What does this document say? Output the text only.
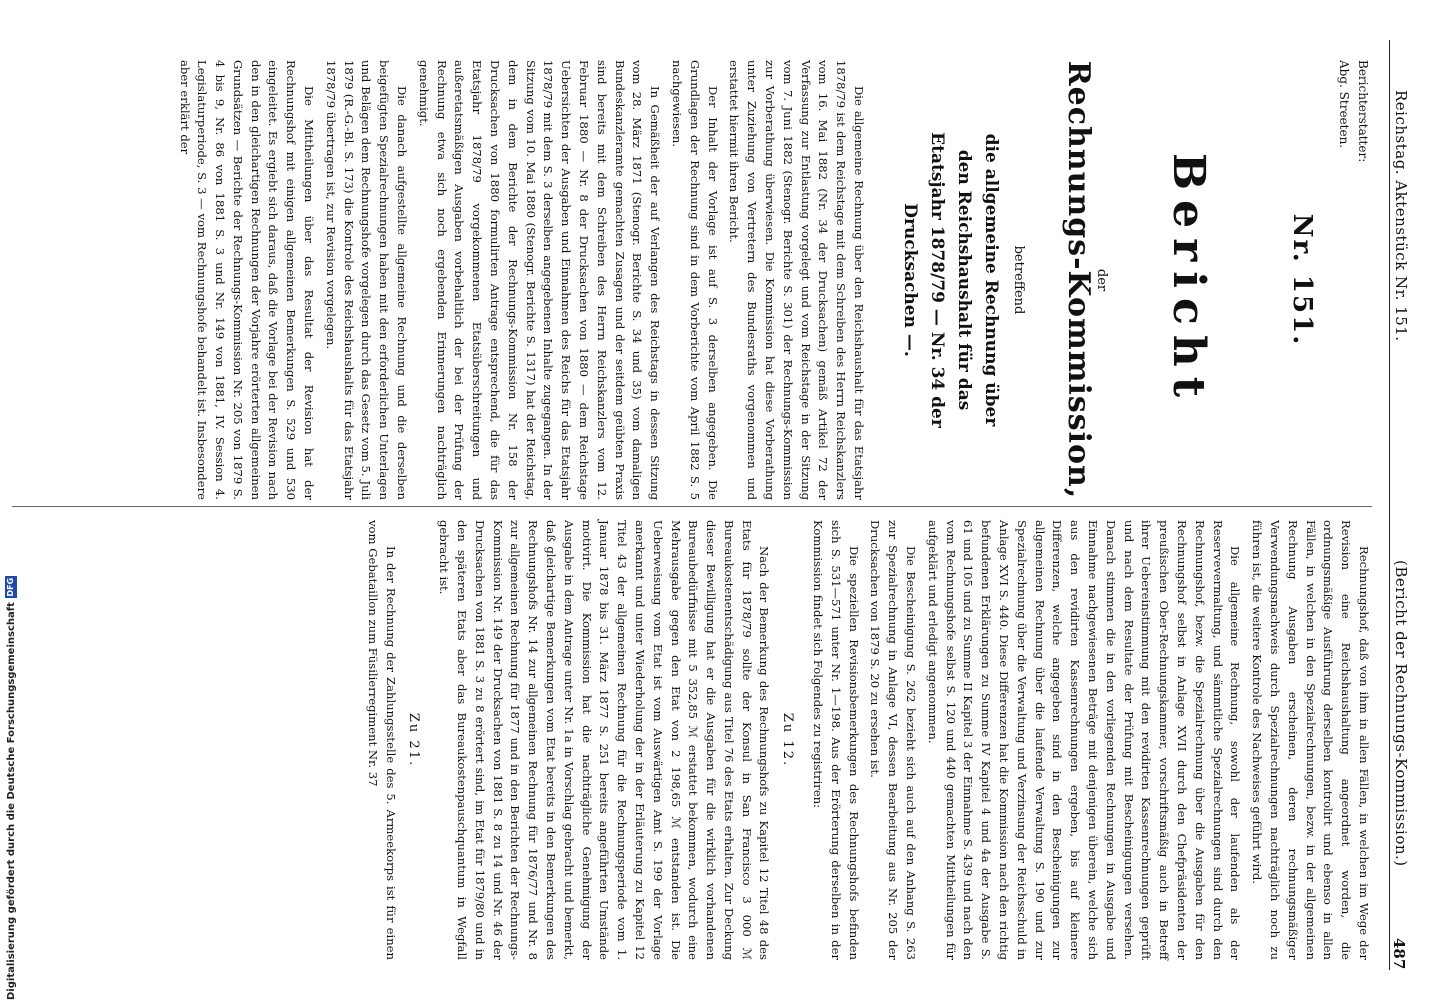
Reichstag. Aktenstück Nr. 151.
(Bericht der Rechnungs-Kommission.)
487
Berichterstatter:
Abg. Streeten.
Nr. 151.
Bericht
der
Rechnungs-Kommission,
betreffend
die allgemeine Rechnung über den Reichshaushalt für das Etatsjahr 1878/79 — Nr. 34 der Drucksachen —.

Die allgemeine Rechnung über den Reichshaushalt für das Etatsjahr 1878/79 ist dem Reichstage mit dem Schreiben des Herrn Reichskanzlers vom 16. Mai 1882 (Nr. 34 der Drucksachen) gemäß Artikel 72 der Verfassung zur Entlastung vorgelegt und vom Reichstage in der Sitzung vom 7. Juni 1882 (Stenogr. Berichte S. 301) der Rechnungs-Kommission zur Vorberathung überwiesen. Die Kommission hat diese Vorberathung unter Zuziehung von Vertretern des Bundesraths vorgenommen und erstattet hiermit ihren Bericht.

Der Inhalt der Vorlage ist auf S. 3 derselben angegeben. Die Grundlagen der Rechnung sind in dem Vorberichte vom April 1882 S. 5 nachgewiesen.

In Gemäßheit der auf Verlangen des Reichstags in dessen Sitzung vom 28. März 1871 (Stenogr. Berichte S. 34 und 35) vom damaligen Bundeskanzleramte gemachten Zusagen und der seitdem geübten Praxis sind bereits mit dem Schreiben des Herrn Reichskanzlers vom 12. Februar 1880 — Nr. 8 der Drucksachen von 1880 — dem Reichstage Uebersichten der Ausgaben und Einnahmen des Reichs für das Etatsjahr 1878/79 mit dem S. 3 derselben angegebenen Inhalte zugegangen. In der Sitzung vom 10. Mai 1880 (Stenogr. Berichte S. 1317) hat der Reichstag, dem in dem Berichte der Rechnungs-Kommission Nr. 158 der Drucksachen von 1880 formulirten Antrage entsprechend, die für das Etatsjahr 1878/79 vorgekommenen Etatsüberschreitungen und außeretatsmäßigen Ausgaben vorbehaltlich der bei der Prüfung der Rechnung etwa sich noch ergebenden Erinnerungen nachträglich genehmigt.

Die danach aufgestellte allgemeine Rechnung und die derselben beigefügten Spezialrechnungen haben mit den erforderlichen Unterlagen und Belägen dem Rechnungshofe vorgelegen durch das Gesetz vom 5. Juli 1879 (R.-G.-Bl. S. 173) die Kontrole des Reichshaushalts für das Etatsjahr 1878/79 übertragen ist, zur Revision vorgelegen.

Die Mittheilungen über das Resultat der Revision hat der Rechnungshof mit einigen allgemeinen Bemerkungen S. 529 und 530 eingeleitet. Es ergiebt sich daraus, daß die Vorlage bei der Revision nach den in den gleichartigen Rechnungen der Vorjahre erörterten allgemeinen Grundsätzen — Berichte der Rechnungs-Kommission Nr. 205 von 1879 S. 4 bis 9, Nr. 86 von 1881 S. 3 und Nr. 149 von 1881, IV. Session 4. Legislaturperiode, S. 3 — vom Rechnungshofe behandelt ist. Insbesondere aber erklärt der

Rechnungshof, daß von ihm in allen Fällen, in welchen im Wege der Revision eine Reichshaushaltung angeordnet worden, die ordnungsmäßige Ausführung derselben kontrolirt und ebenso in allen Fällen, in welchen in den Spezialrechnungen, bezw. in der allgemeinen Rechnung Ausgaben erscheinen, deren rechnungsmäßiger Verwendungsnachweis durch Spezialrechnungen nachträglich noch zu führen ist, die weitere Kontrole des Nachweises geführt wird.

Die allgemeine Rechnung, sowohl der laufenden als der Reservevermaltung, und sämmtliche Spezialrechnungen sind durch den Rechnungshof, bezw. die Spezialrechnung über die Ausgaben für den Rechnungshof selbst in Anlage XVII durch den Chefpräsidenten der preußischen Ober-Rechnungskammer, vorschriftsmäßig auch in Betreff ihrer Uebereinstimmung mit den revidirten Kassenrechnungen geprüft und nach dem Resultate der Prüfung mit Bescheinigungen versehen. Danach stimmen die in den vorliegenden Rechnungen in Ausgabe und Einnahme nachgewiesenen Beträge mit denjenigen überein, welche sich aus den revidirten Kassenrechnungen ergeben, bis auf kleinere Differenzen, welche angegeben sind in den Bescheinigungen zur allgemeinen Rechnung über die laufende Verwaltung S. 190 und zur Spezialrechnung über die Verwaltung und Verzinsung der Reichsschuld in Anlage XVI S. 440. Diese Differenzen hat die Kommission nach den richtig befundenen Erklärungen zu Summe IV Kapitel 4 und 4a der Ausgabe S. 61 und 105 und zu Summe II Kapitel 3 der Einnahme S. 439 und nach den vom Rechnungshofe selbst S. 120 und 440 gemachten Mittheilungen für aufgeklärt und erledigt angenommen.

Die Bescheinigung S. 262 bezieht sich auch auf den Anhang S. 263 zur Spezialrechnung in Anlage VI, dessen Bearbeitung aus Nr. 205 der Drucksachen von 1879 S. 20 zu ersehen ist.

Die speziellen Revisionsbemerkungen des Rechnungshofs befinden sich S. 531—571 unter Nr. 1—198. Aus der Erörterung derselben in der Kommission findet sich Folgendes zu registriren:

Zu 12.

Nach der Bemerkung des Rechnungshofs zu Kapitel 12 Titel 48 des Etats für 1878/79 sollte der Konsul in San Francisco 3 000 ℳ Bureaukostenentschädigung aus Titel 76 des Etats erhalten. Zur Deckung dieser Bewilligung hat er die Ausgaben für die wirklich vorhandenen Bureaubedürfnisse mit 5 352,85 ℳ erstattet bekommen, wodurch eine Mehrausgabe gegen den Etat von 2 198,65 ℳ entstanden ist. Die Ueberweisung vom Etat ist vom Auswärtigen Amt S. 199 der Vorlage anerkannt und unter Wiederholung der in der Erläuterung zu Kapitel 12 Titel 43 der allgemeinen Rechnung für die Rechnungsperiode vom 1. Januar 1878 bis 31. März 1877 S. 251 bereits angeführten Umstände motivirt. Die Kommission hat die nachträgliche Genehmigung der Ausgabe in dem Antrage unter Nr. 1a in Vorschlag gebracht und bemerkt, daß gleichartige Bemerkungen vom Etat bereits in den Bemerkungen des Rechnungshofs Nr. 14 zur allgemeinen Rechnung für 1876/77 und Nr. 8 zur allgemeinen Rechnung für 1877 und in den Berichten der Rechnungs-Kommission Nr. 149 der Drucksachen von 1881 S. 8 zu 14 und Nr. 46 der Drucksachen von 1881 S. 3 zu 8 erörtert sind, im Etat für 1879/80 und in den späteren Etats aber das Bureaukostenpauschquantum in Wegfall gebracht ist.

Zu 21.

In der Rechnung der Zahlungsstelle des 5. Armeekorps ist für einen vom Gebataillon zum Füsilierregiment Nr. 37

Digitalisierung gefördert durch die Deutsche ForschungsgemeinschaftDFG
